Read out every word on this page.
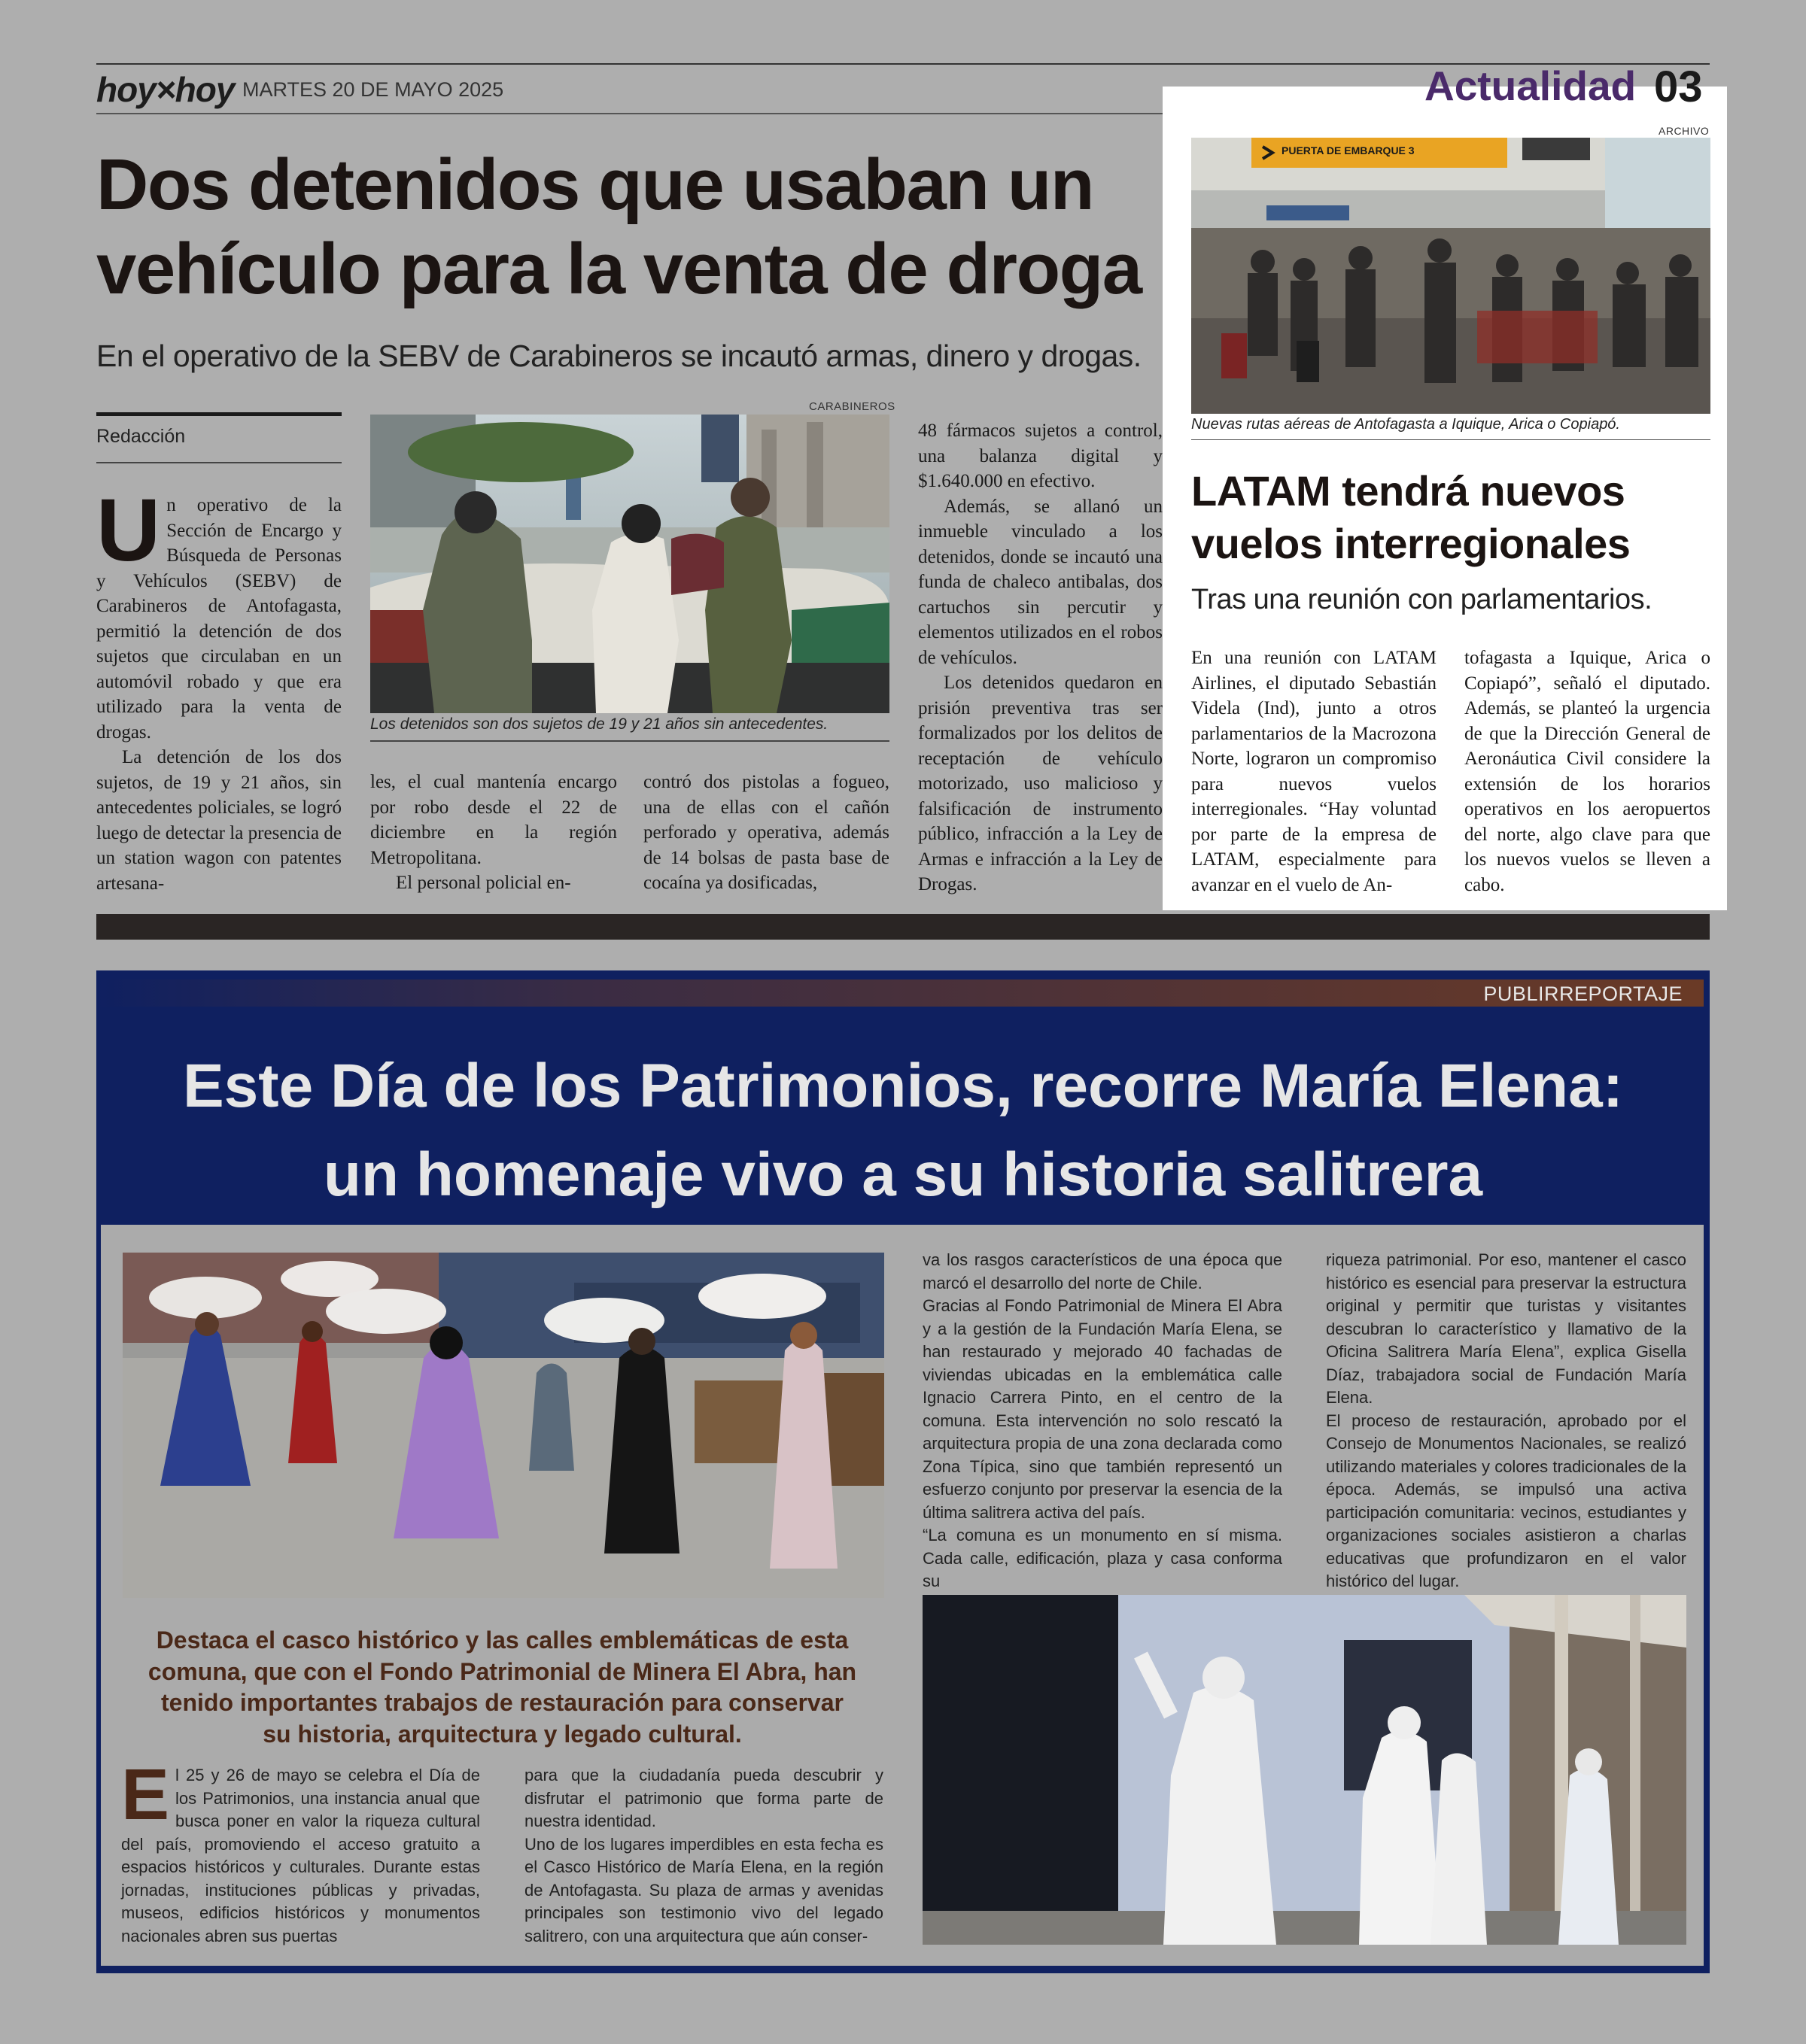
hoy×hoy MARTES 20 DE MAYO 2025
Dos detenidos que usaban un
vehículo para la venta de droga
En el operativo de la SEBV de Carabineros se incautó armas, dinero y drogas.
Redacción
CARABINEROS
Los detenidos son dos sujetos de 19 y 21 años sin antecedentes.

Un operativo de la Sección de Encargo y Búsqueda de Personas y Vehículos (SEBV) de Carabineros de Antofagasta, permitió la detención de dos sujetos que circulaban en un automóvil robado y que era utilizado para la venta de drogas.

La detención de los dos sujetos, de 19 y 21 años, sin antecedentes policiales, se logró luego de detectar la presencia de un station wagon con patentes artesana-

les, el cual mantenía encargo por robo desde el 22 de diciembre en la región Metropolitana.

El personal policial en-

contró dos pistolas a fogueo, una de ellas con el cañón perforado y operativa, además de 14 bolsas de pasta base de cocaína ya dosificadas,

48 fármacos sujetos a control, una balanza digital y $1.640.000 en efectivo.

Además, se allanó un inmueble vinculado a los detenidos, donde se incautó una funda de chaleco antibalas, dos cartuchos sin percutir y elementos utilizados en el robos de vehículos.

Los detenidos quedaron en prisión preventiva tras ser formalizados por los delitos de receptación de vehículo motorizado, uso malicioso y falsificación de instrumento público, infracción a la Ley de Armas e infracción a la Ley de Drogas.

Actualidad 03
ARCHIVO
PUERTA DE EMBARQUE 3
Nuevas rutas aéreas de Antofagasta a Iquique, Arica o Copiapó.
LATAM tendrá nuevos
vuelos interregionales
Tras una reunión con parlamentarios.

En una reunión con LATAM Airlines, el diputado Sebastián Videla (Ind), junto a otros parlamentarios de la Macrozona Norte, lograron un compromiso para nuevos vuelos interregionales. “Hay voluntad por parte de la empresa de LATAM, especialmente para avanzar en el vuelo de An-

tofagasta a Iquique, Arica o Copiapó”, señaló el diputado. Además, se planteó la urgencia de que la Dirección General de Aeronáutica Civil considere la extensión de los horarios operativos en los aeropuertos del norte, algo clave para que los nuevos vuelos se lleven a cabo.

PUBLIRREPORTAJE
Este Día de los Patrimonios, recorre María Elena:
un homenaje vivo a su historia salitrera
Destaca el casco histórico y las calles emblemáticas de esta
comuna, que con el Fondo Patrimonial de Minera El Abra, han
tenido importantes trabajos de restauración para conservar
su historia, arquitectura y legado cultural.

El 25 y 26 de mayo se celebra el Día de los Patrimonios, una instancia anual que busca poner en valor la riqueza cultural del país, promoviendo el acceso gratuito a espacios históricos y culturales. Durante estas jornadas, instituciones públicas y privadas, museos, edificios históricos y monumentos nacionales abren sus puertas

para que la ciudadanía pueda descubrir y disfrutar el patrimonio que forma parte de nuestra identidad.

Uno de los lugares imperdibles en esta fecha es el Casco Histórico de María Elena, en la región de Antofagasta. Su plaza de armas y avenidas principales son testimonio vivo del legado salitrero, con una arquitectura que aún conser-

va los rasgos característicos de una época que marcó el desarrollo del norte de Chile.

Gracias al Fondo Patrimonial de Minera El Abra y a la gestión de la Fundación María Elena, se han restaurado y mejorado 40 fachadas de viviendas ubicadas en la emblemática calle Ignacio Carrera Pinto, en el centro de la comuna. Esta intervención no solo rescató la arquitectura propia de una zona declarada como Zona Típica, sino que también representó un esfuerzo conjunto por preservar la esencia de la última salitrera activa del país.

“La comuna es un monumento en sí misma. Cada calle, edificación, plaza y casa conforma su

riqueza patrimonial. Por eso, mantener el casco histórico es esencial para preservar la estructura original y permitir que turistas y visitantes descubran lo característico y llamativo de la Oficina Salitrera María Elena”, explica Gisella Díaz, trabajadora social de Fundación María Elena.

El proceso de restauración, aprobado por el Consejo de Monumentos Nacionales, se realizó utilizando materiales y colores tradicionales de la época. Además, se impulsó una activa participación comunitaria: vecinos, estudiantes y organizaciones sociales asistieron a charlas educativas que profundizaron en el valor histórico del lugar.
